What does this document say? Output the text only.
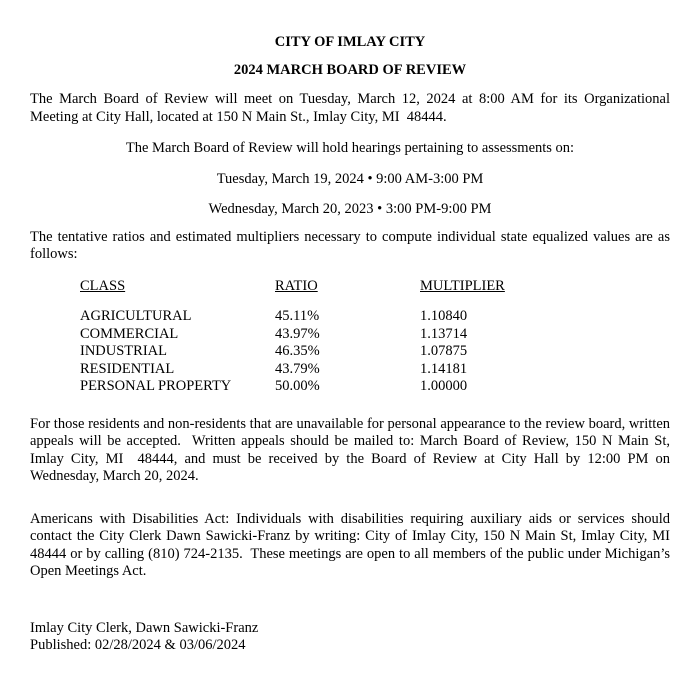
CITY OF IMLAY CITY
2024 MARCH BOARD OF REVIEW

The March Board of Review will meet on Tuesday, March 12, 2024 at 8:00 AM for its Organizational Meeting at City Hall, located at 150 N Main St., Imlay City, MI  48444.

The March Board of Review will hold hearings pertaining to assessments on:

Tuesday, March 19, 2024 • 9:00 AM-3:00 PM

Wednesday, March 20, 2023 • 3:00 PM-9:00 PM

The tentative ratios and estimated multipliers necessary to compute individual state equalized values are as follows:

CLASS	RATIO	MULTIPLIER
AGRICULTURAL	45.11%	1.10840
COMMERCIAL	43.97%	1.13714
INDUSTRIAL	46.35%	1.07875
RESIDENTIAL	43.79%	1.14181
PERSONAL PROPERTY	50.00%	1.00000

For those residents and non-residents that are unavailable for personal appearance to the review board, written appeals will be accepted.  Written appeals should be mailed to: March Board of Review, 150 N Main St, Imlay City, MI  48444, and must be received by the Board of Review at City Hall by 12:00 PM on Wednesday, March 20, 2024.

Americans with Disabilities Act: Individuals with disabilities requiring auxiliary aids or services should contact the City Clerk Dawn Sawicki-Franz by writing: City of Imlay City, 150 N Main St, Imlay City, MI 48444 or by calling (810) 724-2135.  These meetings are open to all members of the public under Michigan’s Open Meetings Act.

Imlay City Clerk, Dawn Sawicki-Franz
Published: 02/28/2024 & 03/06/2024
